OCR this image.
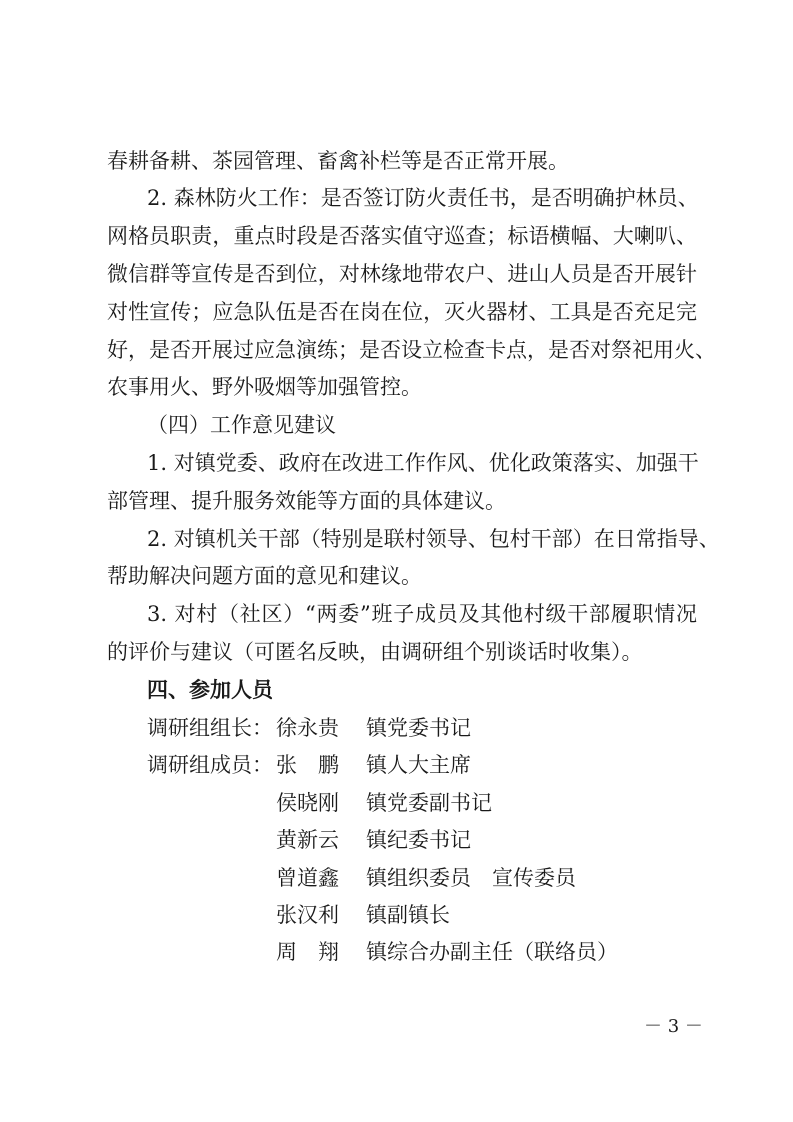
春耕备耕、茶园管理、畜禽补栏等是否正常开展。
2. 森林防火工作：是否签订防火责任书，是否明确护林员、
网格员职责，重点时段是否落实值守巡查；标语横幅、大喇叭、
微信群等宣传是否到位，对林缘地带农户、进山人员是否开展针
对性宣传；应急队伍是否在岗在位，灭火器材、工具是否充足完
好，是否开展过应急演练；是否设立检查卡点，是否对祭祀用火、
农事用火、野外吸烟等加强管控。
（四）工作意见建议
1. 对镇党委、政府在改进工作作风、优化政策落实、加强干
部管理、提升服务效能等方面的具体建议。
2. 对镇机关干部（特别是联村领导、包村干部）在日常指导、
帮助解决问题方面的意见和建议。
3. 对村（社区）“两委”班子成员及其他村级干部履职情况
的评价与建议（可匿名反映，由调研组个别谈话时收集）。
四、参加人员
调研组组长： 徐永贵 镇党委书记
调研组成员： 张　鹏 镇人大主席
侯晓刚 镇党委副书记
黄新云 镇纪委书记
曾道鑫 镇组织委员　宣传委员
张汉利 镇副镇长
周　翔 镇综合办副主任（联络员）
－ 3 －
